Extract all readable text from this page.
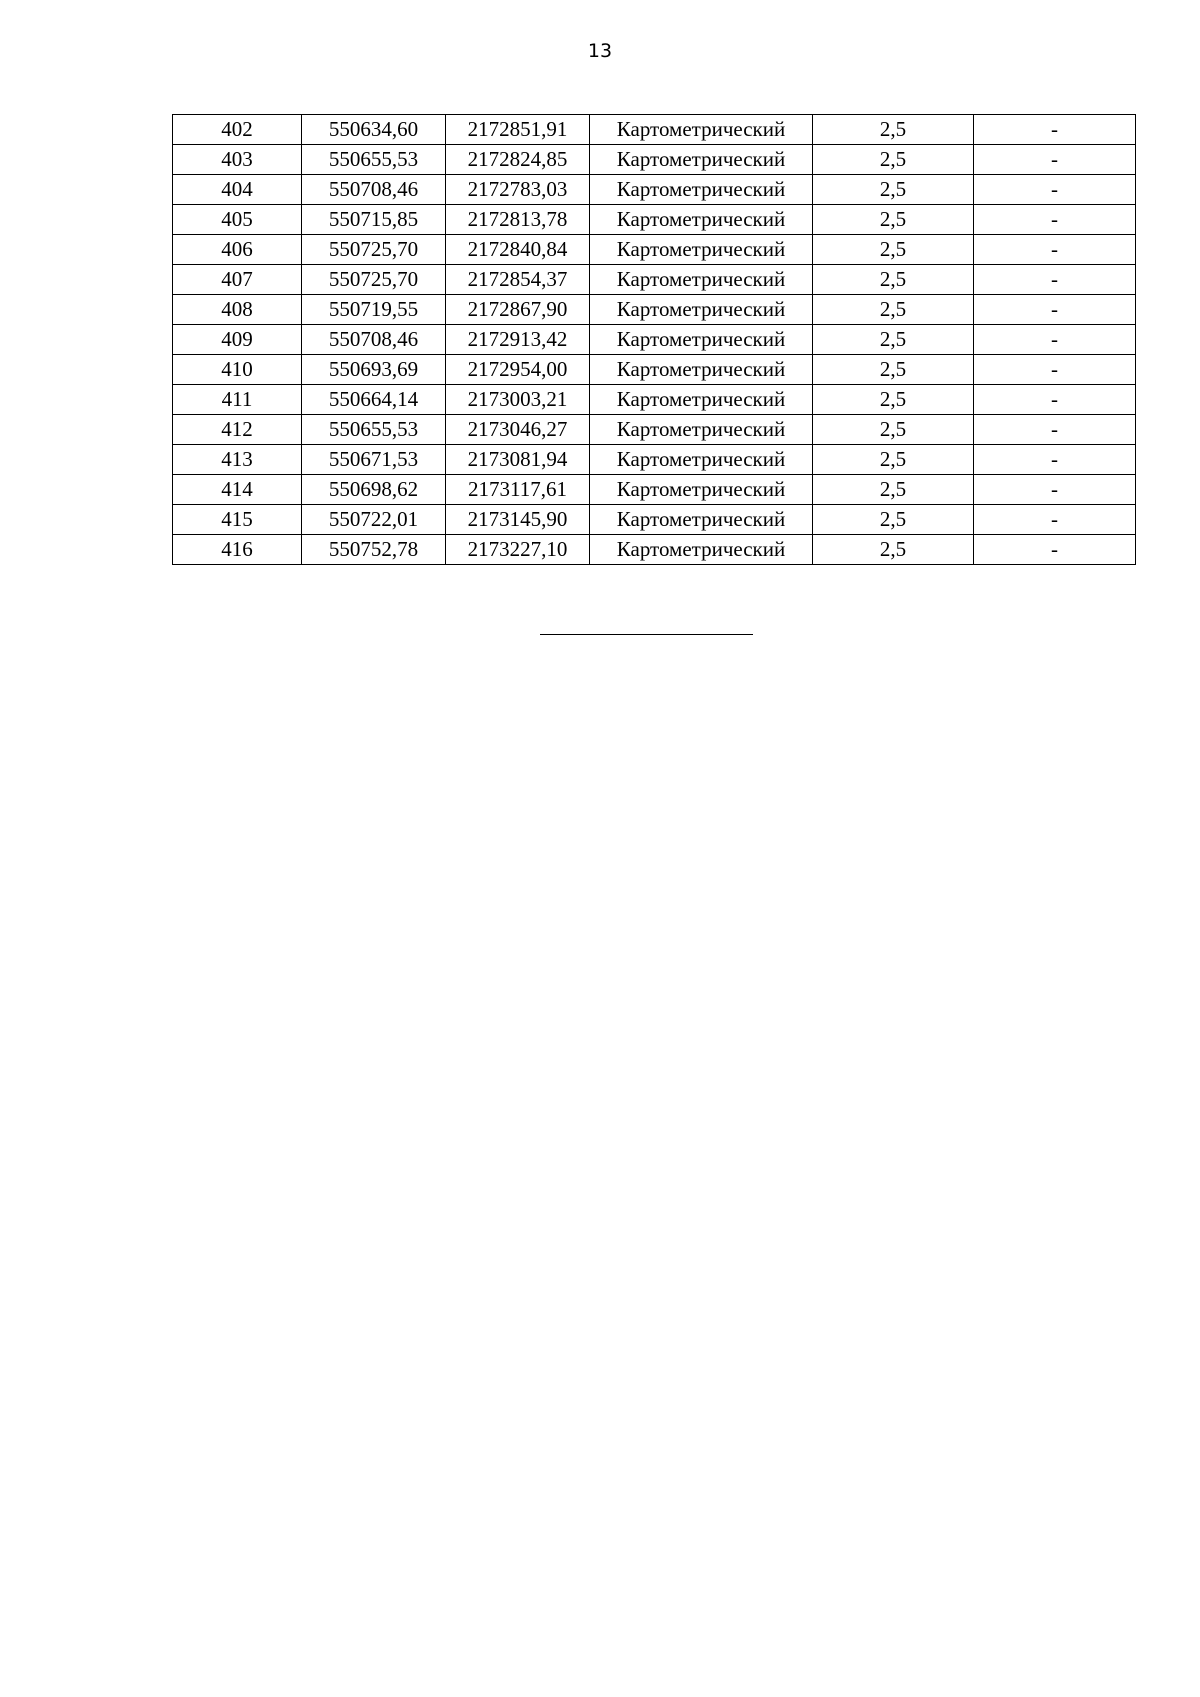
13
402	550634,60	2172851,91	Картометрический	2,5	-
403	550655,53	2172824,85	Картометрический	2,5	-
404	550708,46	2172783,03	Картометрический	2,5	-
405	550715,85	2172813,78	Картометрический	2,5	-
406	550725,70	2172840,84	Картометрический	2,5	-
407	550725,70	2172854,37	Картометрический	2,5	-
408	550719,55	2172867,90	Картометрический	2,5	-
409	550708,46	2172913,42	Картометрический	2,5	-
410	550693,69	2172954,00	Картометрический	2,5	-
411	550664,14	2173003,21	Картометрический	2,5	-
412	550655,53	2173046,27	Картометрический	2,5	-
413	550671,53	2173081,94	Картометрический	2,5	-
414	550698,62	2173117,61	Картометрический	2,5	-
415	550722,01	2173145,90	Картометрический	2,5	-
416	550752,78	2173227,10	Картометрический	2,5	-
